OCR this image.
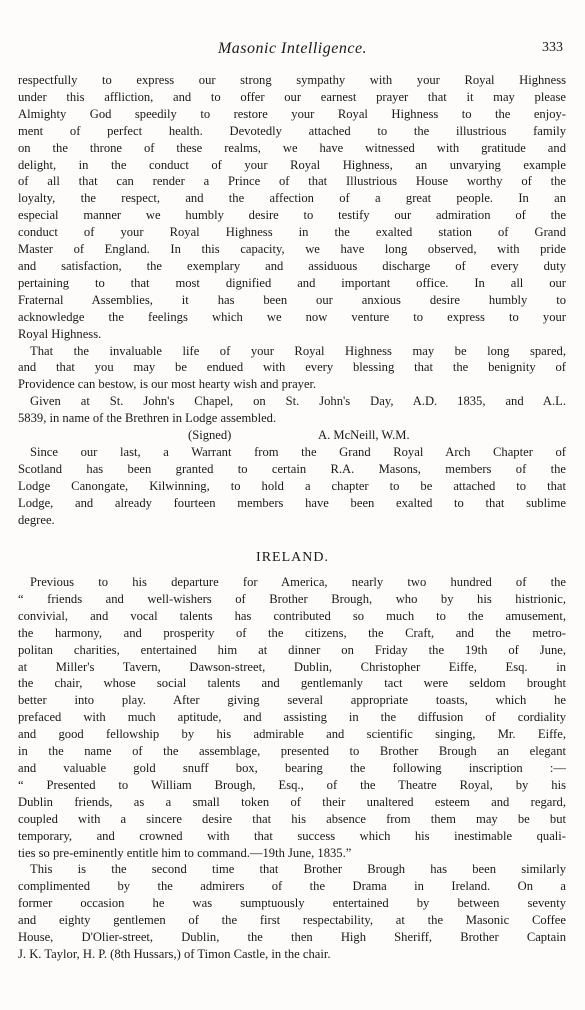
Masonic Intelligence.	333

respectfully to express our strong sympathy with your Royal Highness
under this affliction, and to offer our earnest prayer that it may please
Almighty God speedily to restore your Royal Highness to the enjoy-
ment of perfect health. Devotedly attached to the illustrious family
on the throne of these realms, we have witnessed with gratitude and
delight, in the conduct of your Royal Highness, an unvarying example
of all that can render a Prince of that Illustrious House worthy of the
loyalty, the respect, and the affection of a great people. In an
especial manner we humbly desire to testify our admiration of the
conduct of your Royal Highness in the exalted station of Grand
Master of England. In this capacity, we have long observed, with pride
and satisfaction, the exemplary and assiduous discharge of every duty
pertaining to that most dignified and important office. In all our
Fraternal Assemblies, it has been our anxious desire humbly to
acknowledge the feelings which we now venture to express to your
Royal Highness.

That the invaluable life of your Royal Highness may be long spared,
and that you may be endued with every blessing that the benignity of
Providence can bestow, is our most hearty wish and prayer.

Given at St. John's Chapel, on St. John's Day, A.D. 1835, and A.L.
5839, in name of the Brethren in Lodge assembled.

(Signed)	A. McNeill, W.M.

Since our last, a Warrant from the Grand Royal Arch Chapter of
Scotland has been granted to certain R.A. Masons, members of the
Lodge Canongate, Kilwinning, to hold a chapter to be attached to that
Lodge, and already fourteen members have been exalted to that sublime
degree.

IRELAND.

Previous to his departure for America, nearly two hundred of the
“ friends and well-wishers of Brother Brough, who by his histrionic,
convivial, and vocal talents has contributed so much to the amusement,
the harmony, and prosperity of the citizens, the Craft, and the metro-
politan charities, entertained him at dinner on Friday the 19th of June,
at Miller's Tavern, Dawson-street, Dublin, Christopher Eiffe, Esq. in
the chair, whose social talents and gentlemanly tact were seldom brought
better into play. After giving several appropriate toasts, which he
prefaced with much aptitude, and assisting in the diffusion of cordiality
and good fellowship by his admirable and scientific singing, Mr. Eiffe,
in the name of the assemblage, presented to Brother Brough an elegant
and valuable gold snuff box, bearing the following inscription :—
“ Presented to William Brough, Esq., of the Theatre Royal, by his
Dublin friends, as a small token of their unaltered esteem and regard,
coupled with a sincere desire that his absence from them may be but
temporary, and crowned with that success which his inestimable quali-
ties so pre-eminently entitle him to command.—19th June, 1835.”

This is the second time that Brother Brough has been similarly
complimented by the admirers of the Drama in Ireland. On a
former occasion he was sumptuously entertained by between seventy
and eighty gentlemen of the first respectability, at the Masonic Coffee
House, D'Olier-street, Dublin, the then High Sheriff, Brother Captain
J. K. Taylor, H. P. (8th Hussars,) of Timon Castle, in the chair.
